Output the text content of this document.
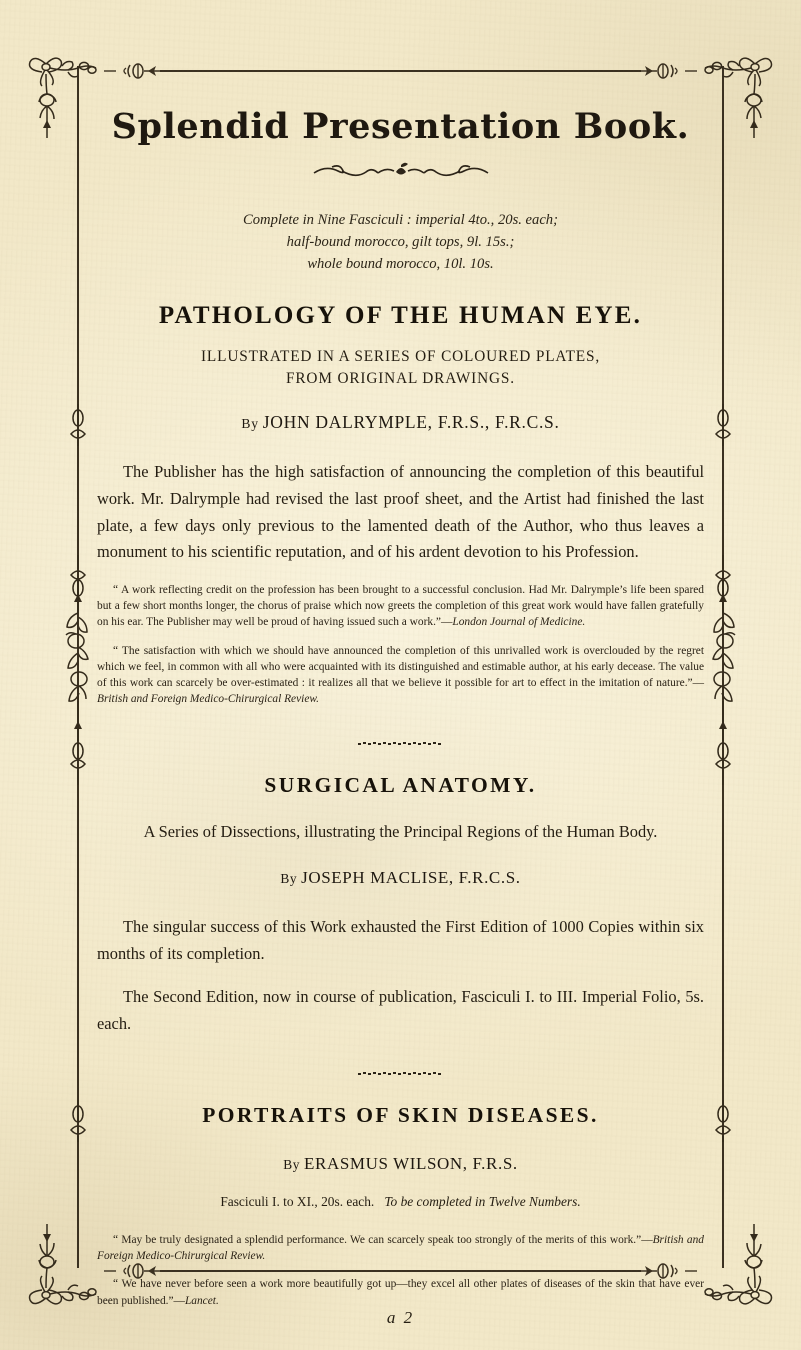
Splendid Presentation Book.
Complete in Nine Fasciculi : imperial 4to., 20s. each;
half-bound morocco, gilt tops, 9l. 15s.;
whole bound morocco, 10l. 10s.
PATHOLOGY OF THE HUMAN EYE.
ILLUSTRATED IN A SERIES OF COLOURED PLATES,
FROM ORIGINAL DRAWINGS.
By JOHN DALRYMPLE, F.R.S., F.R.C.S.

The Publisher has the high satisfaction of announcing the completion of this beautiful work. Mr. Dalrymple had revised the last proof sheet, and the Artist had finished the last plate, a few days only previous to the lamented death of the Author, who thus leaves a monument to his scientific reputation, and of his ardent devotion to his Profession.

“ A work reflecting credit on the profession has been brought to a successful conclusion. Had Mr. Dalrymple’s life been spared but a few short months longer, the chorus of praise which now greets the completion of this great work would have fallen gratefully on his ear. The Publisher may well be proud of having issued such a work.”—London Journal of Medicine.

“ The satisfaction with which we should have announced the completion of this unrivalled work is overclouded by the regret which we feel, in common with all who were acquainted with its distinguished and estimable author, at his early decease. The value of this work can scarcely be over-estimated : it realizes all that we believe it possible for art to effect in the imitation of nature.”—British and Foreign Medico-Chirurgical Review.

SURGICAL ANATOMY.
A Series of Dissections, illustrating the Principal Regions of the Human Body.
By JOSEPH MACLISE, F.R.C.S.

The singular success of this Work exhausted the First Edition of 1000 Copies within six months of its completion.

The Second Edition, now in course of publication, Fasciculi I. to III. Imperial Folio, 5s. each.

PORTRAITS OF SKIN DISEASES.
By ERASMUS WILSON, F.R.S.
Fasciculi I. to XI., 20s. each. To be completed in Twelve Numbers.

“ May be truly designated a splendid performance. We can scarcely speak too strongly of the merits of this work.”—British and Foreign Medico-Chirurgical Review.

“ We have never before seen a work more beautifully got up—they excel all other plates of diseases of the skin that have ever been published.”—Lancet.

a 2
